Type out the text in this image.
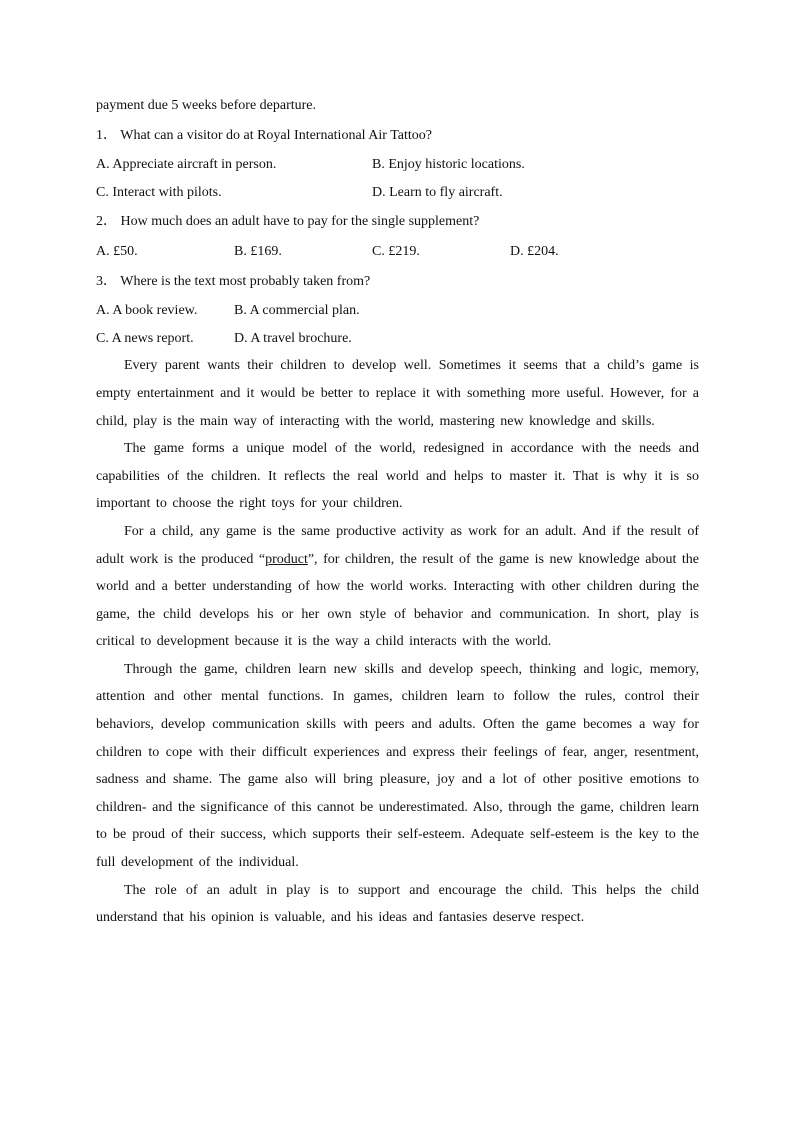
payment due 5 weeks before departure.

1． What can a visitor do at Royal International Air Tattoo?

A. Appreciate aircraft in person.	B. Enjoy historic locations.
C. Interact with pilots.	D. Learn to fly aircraft.

2． How much does an adult have to pay for the single supplement?

A. £50.	B. £169.	C. £219.	D. £204.

3． Where is the text most probably taken from?

A. A book review.	B. A commercial plan.
C. A news report.	D. A travel brochure.

Every parent wants their children to develop well. Sometimes it seems that a child’s game is empty entertainment and it would be better to replace it with something more useful. However, for a child, play is the main way of interacting with the world, mastering new knowledge and skills.

The game forms a unique model of the world, redesigned in accordance with the needs and capabilities of the children. It reflects the real world and helps to master it. That is why it is so important to choose the right toys for your children.

For a child, any game is the same productive activity as work for an adult. And if the result of adult work is the produced “product”, for children, the result of the game is new knowledge about the world and a better understanding of how the world works. Interacting with other children during the game, the child develops his or her own style of behavior and communication. In short, play is critical to development because it is the way a child interacts with the world.

Through the game, children learn new skills and develop speech, thinking and logic, memory, attention and other mental functions. In games, children learn to follow the rules, control their behaviors, develop communication skills with peers and adults. Often the game becomes a way for children to cope with their difficult experiences and express their feelings of fear, anger, resentment, sadness and shame. The game also will bring pleasure, joy and a lot of other positive emotions to children- and the significance of this cannot be underestimated. Also, through the game, children learn to be proud of their success, which supports their self-esteem. Adequate self-esteem is the key to the full development of the individual.

The role of an adult in play is to support and encourage the child. This helps the child understand that his opinion is valuable, and his ideas and fantasies deserve respect.
